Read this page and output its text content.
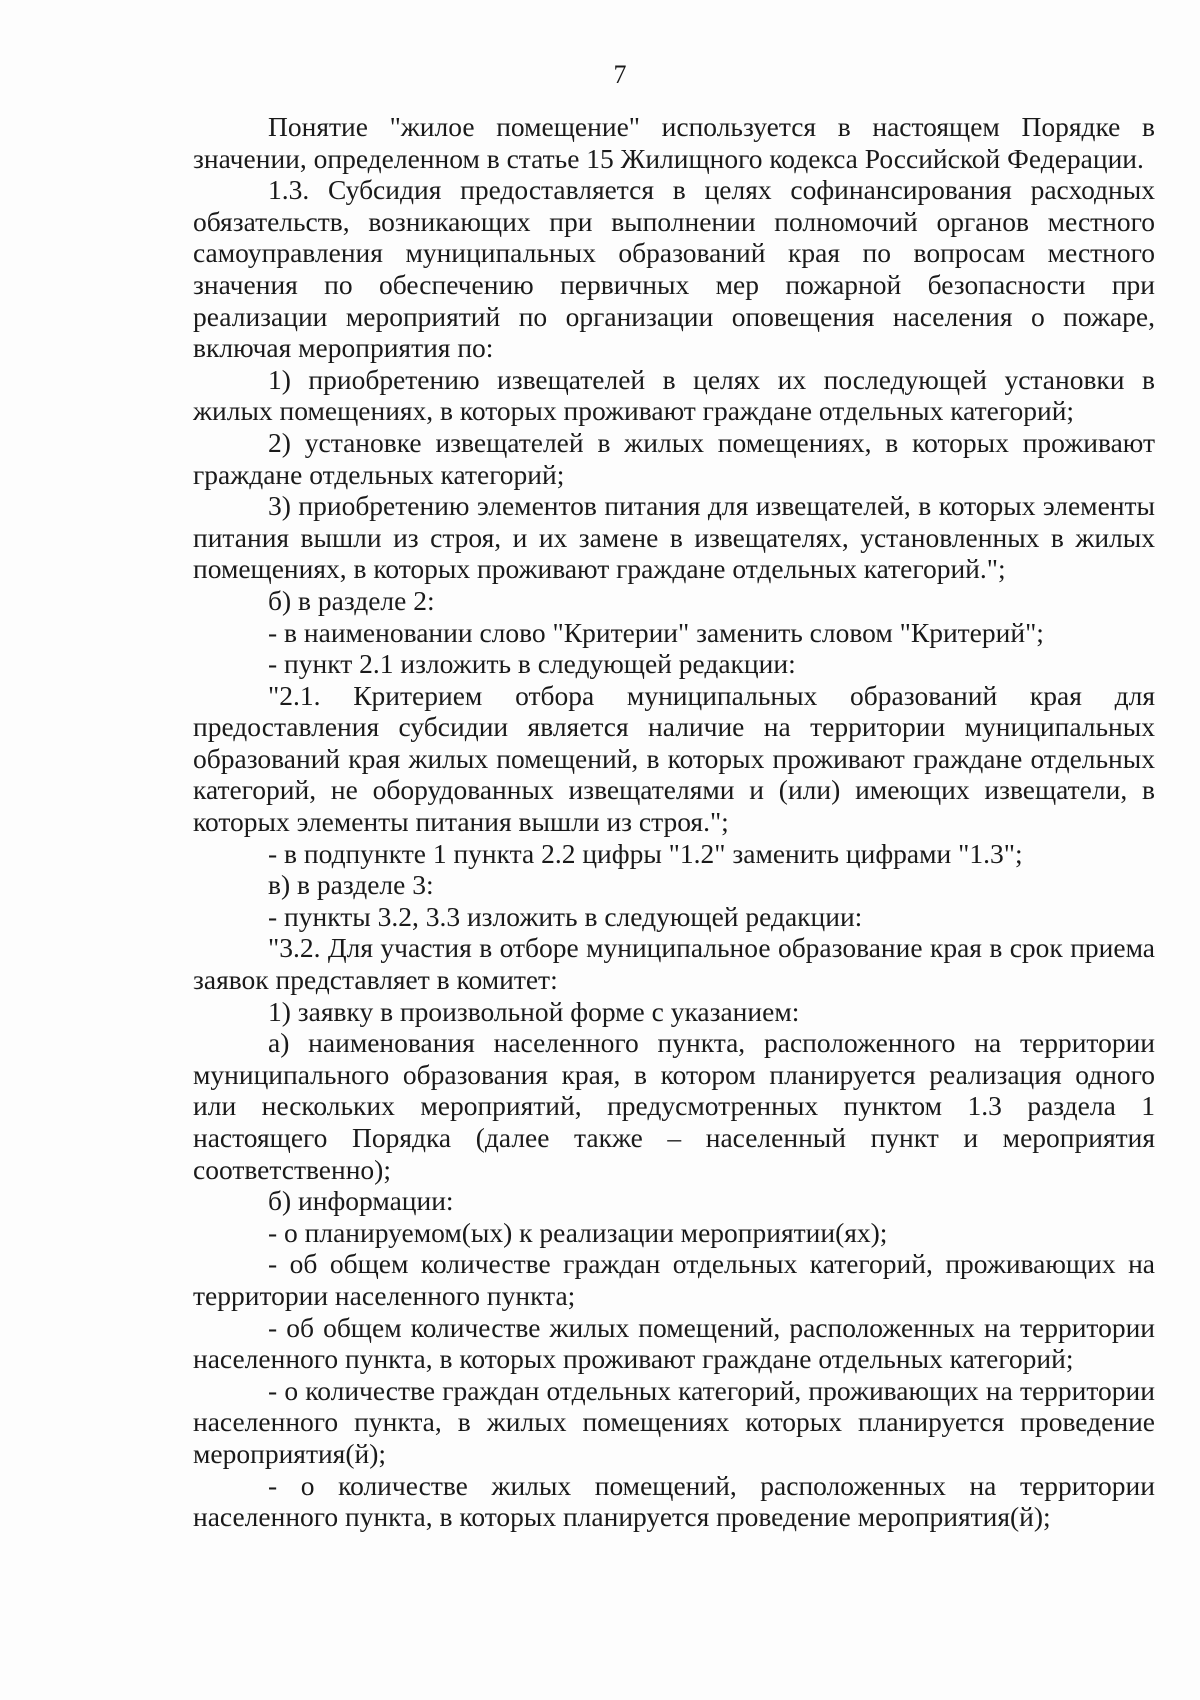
7

Понятие "жилое помещение" используется в настоящем Порядке в значении, определенном в статье 15 Жилищного кодекса Российской Федерации.

1.3. Субсидия предоставляется в целях софинансирования расходных обязательств, возникающих при выполнении полномочий органов местного самоуправления муниципальных образований края по вопросам местного значения по обеспечению первичных мер пожарной безопасности при реализации мероприятий по организации оповещения населения о пожаре, включая мероприятия по:

1) приобретению извещателей в целях их последующей установки в жилых помещениях, в которых проживают граждане отдельных категорий;

2) установке извещателей в жилых помещениях, в которых проживают граждане отдельных категорий;

3) приобретению элементов питания для извещателей, в которых элементы питания вышли из строя, и их замене в извещателях, установленных в жилых помещениях, в которых проживают граждане отдельных категорий.";

б) в разделе 2:

- в наименовании слово "Критерии" заменить словом "Критерий";

- пункт 2.1 изложить в следующей редакции:

"2.1. Критерием отбора муниципальных образований края для предоставления субсидии является наличие на территории муниципальных образований края жилых помещений, в которых проживают граждане отдельных категорий, не оборудованных извещателями и (или) имеющих извещатели, в которых элементы питания вышли из строя.";

- в подпункте 1 пункта 2.2 цифры "1.2" заменить цифрами "1.3";

в) в разделе 3:

- пункты 3.2, 3.3 изложить в следующей редакции:

"3.2. Для участия в отборе муниципальное образование края в срок приема заявок представляет в комитет:

1) заявку в произвольной форме с указанием:

а) наименования населенного пункта, расположенного на территории муниципального образования края, в котором планируется реализация одного или нескольких мероприятий, предусмотренных пунктом 1.3 раздела 1 настоящего Порядка (далее также – населенный пункт и мероприятия соответственно);

б) информации:

- о планируемом(ых) к реализации мероприятии(ях);

- об общем количестве граждан отдельных категорий, проживающих на территории населенного пункта;

- об общем количестве жилых помещений, расположенных на территории населенного пункта, в которых проживают граждане отдельных категорий;

- о количестве граждан отдельных категорий, проживающих на территории населенного пункта, в жилых помещениях которых планируется проведение мероприятия(й);

- о количестве жилых помещений, расположенных на территории населенного пункта, в которых планируется проведение мероприятия(й);
